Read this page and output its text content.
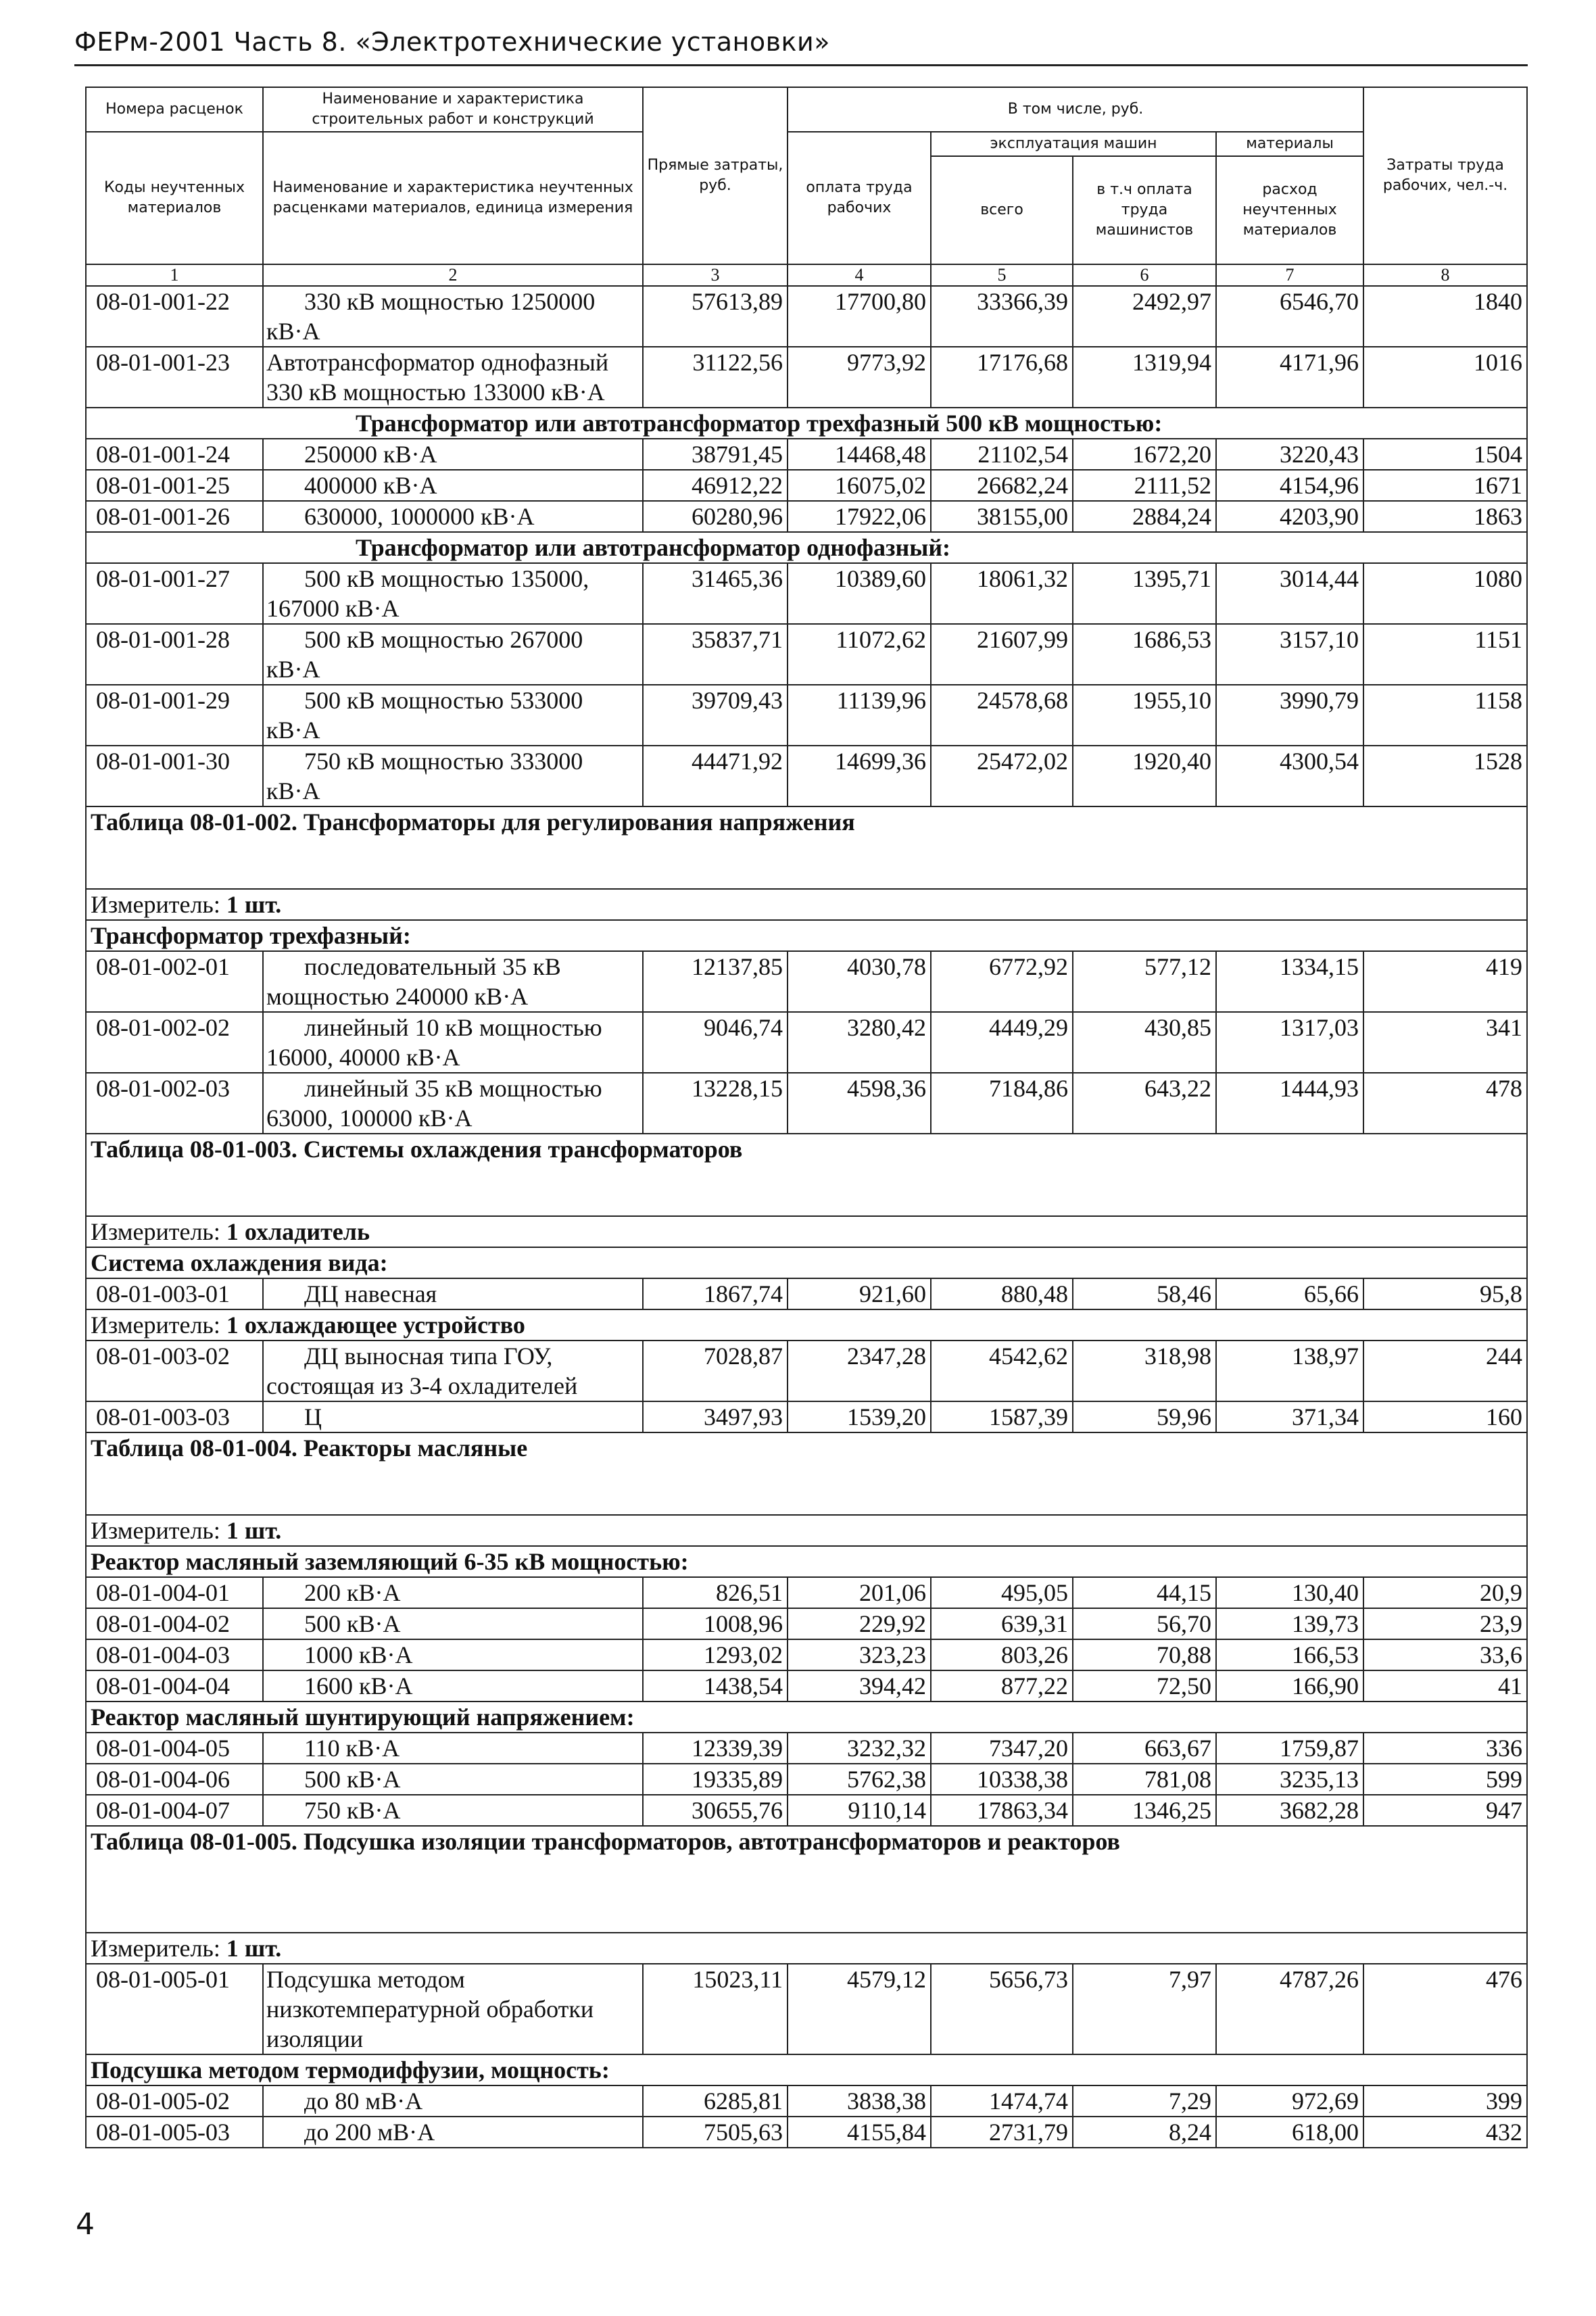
ФЕРм-2001 Часть 8. «Электротехнические установки»
Номера расценок	Наименование и характеристика строительных работ и конструкций	Прямые затраты, руб.	В том числе, руб.				Затраты труда рабочих, чел.-ч.
Коды неучтенных материалов	Наименование и характеристика неучтенных расценками материалов, единица измерения		оплата труда рабочих	эксплуатация машин		материалы	
				всего	в т.ч оплата труда машинистов	расход неучтенных материалов	
1	2	3	4	5	6	7	8
08-01-001-22	330 кВ мощностью 1250000 кВ·А	57613,89	17700,80	33366,39	2492,97	6546,70	1840
08-01-001-23	Автотрансформатор однофазный 330 кВ мощностью 133000 кВ·А	31122,56	9773,92	17176,68	1319,94	4171,96	1016
Трансформатор или автотрансформатор трехфазный 500 кВ мощностью:							
08-01-001-24	250000 кВ·А	38791,45	14468,48	21102,54	1672,20	3220,43	1504
08-01-001-25	400000 кВ·А	46912,22	16075,02	26682,24	2111,52	4154,96	1671
08-01-001-26	630000, 1000000 кВ·А	60280,96	17922,06	38155,00	2884,24	4203,90	1863
Трансформатор или автотрансформатор однофазный:							
08-01-001-27	500 кВ мощностью 135000, 167000 кВ·А	31465,36	10389,60	18061,32	1395,71	3014,44	1080
08-01-001-28	500 кВ мощностью 267000 кВ·А	35837,71	11072,62	21607,99	1686,53	3157,10	1151
08-01-001-29	500 кВ мощностью 533000 кВ·А	39709,43	11139,96	24578,68	1955,10	3990,79	1158
08-01-001-30	750 кВ мощностью 333000 кВ·А	44471,92	14699,36	25472,02	1920,40	4300,54	1528
Таблица 08-01-002. Трансформаторы для регулирования напряжения							
Измеритель: 1 шт.							
Трансформатор трехфазный:							
08-01-002-01	последовательный 35 кВ мощностью 240000 кВ·А	12137,85	4030,78	6772,92	577,12	1334,15	419
08-01-002-02	линейный 10 кВ мощностью 16000, 40000 кВ·А	9046,74	3280,42	4449,29	430,85	1317,03	341
08-01-002-03	линейный 35 кВ мощностью 63000, 100000 кВ·А	13228,15	4598,36	7184,86	643,22	1444,93	478
Таблица 08-01-003. Системы охлаждения трансформаторов							
Измеритель: 1 охладитель							
Система охлаждения вида:							
08-01-003-01	ДЦ навесная	1867,74	921,60	880,48	58,46	65,66	95,8
Измеритель: 1 охлаждающее устройство							
08-01-003-02	ДЦ выносная типа ГОУ, состоящая из 3-4 охладителей	7028,87	2347,28	4542,62	318,98	138,97	244
08-01-003-03	Ц	3497,93	1539,20	1587,39	59,96	371,34	160
Таблица 08-01-004. Реакторы масляные							
Измеритель: 1 шт.							
Реактор масляный заземляющий 6-35 кВ мощностью:							
08-01-004-01	200 кВ·А	826,51	201,06	495,05	44,15	130,40	20,9
08-01-004-02	500 кВ·А	1008,96	229,92	639,31	56,70	139,73	23,9
08-01-004-03	1000 кВ·А	1293,02	323,23	803,26	70,88	166,53	33,6
08-01-004-04	1600 кВ·А	1438,54	394,42	877,22	72,50	166,90	41
Реактор масляный шунтирующий напряжением:							
08-01-004-05	110 кВ·А	12339,39	3232,32	7347,20	663,67	1759,87	336
08-01-004-06	500 кВ·А	19335,89	5762,38	10338,38	781,08	3235,13	599
08-01-004-07	750 кВ·А	30655,76	9110,14	17863,34	1346,25	3682,28	947
Таблица 08-01-005. Подсушка изоляции трансформаторов, автотрансформаторов и реакторов							
Измеритель: 1 шт.							
08-01-005-01	Подсушка методом низкотемпературной обработки изоляции	15023,11	4579,12	5656,73	7,97	4787,26	476
Подсушка методом термодиффузии, мощность:							
08-01-005-02	до 80 мВ·А	6285,81	3838,38	1474,74	7,29	972,69	399
08-01-005-03	до 200 мВ·А	7505,63	4155,84	2731,79	8,24	618,00	432
4
